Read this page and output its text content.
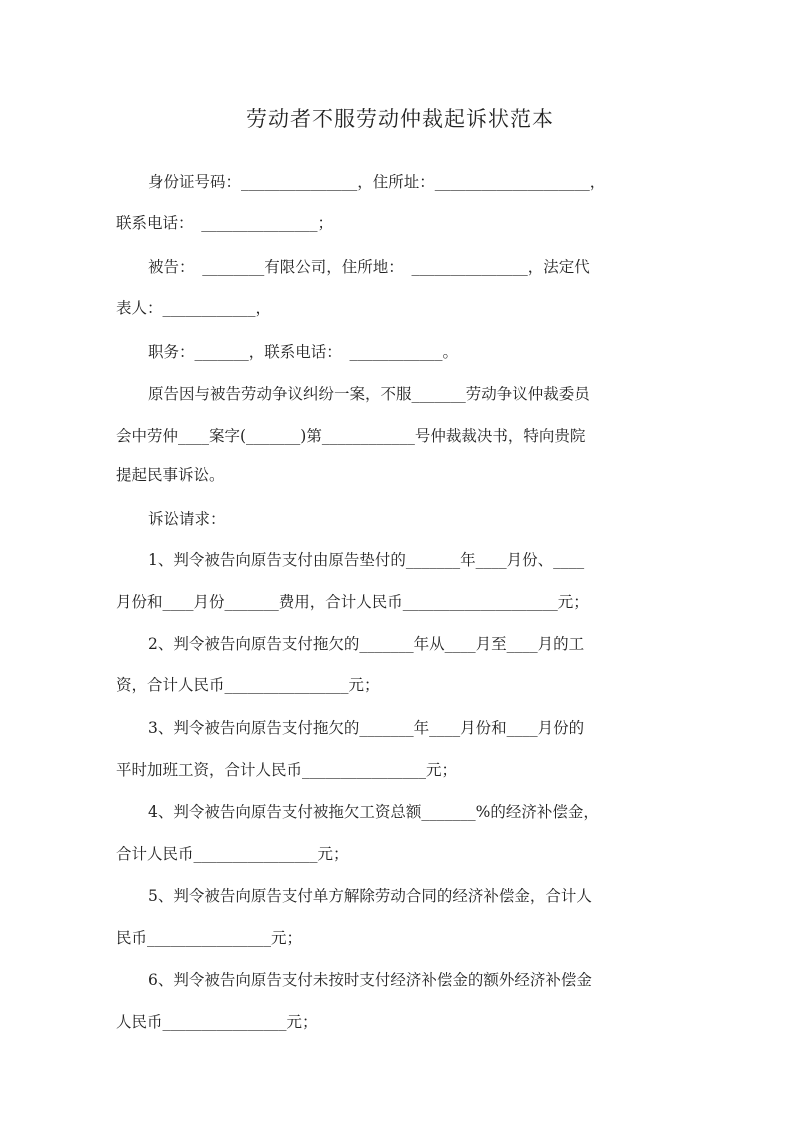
劳动者不服劳动仲裁起诉状范本
身份证号码：_______________，住所址：____________________，
联系电话：　_______________；
被告：　________有限公司，住所地：　_______________，法定代
表人：____________，
职务：_______，联系电话：　____________。
原告因与被告劳动争议纠纷一案，不服_______劳动争议仲裁委员
会中劳仲____案字(_______)第____________号仲裁裁决书，特向贵院
提起民事诉讼。
诉讼请求：
1、判令被告向原告支付由原告垫付的_______年____月份、____
月份和____月份_______费用，合计人民币____________________元；
2、判令被告向原告支付拖欠的_______年从____月至____月的工
资，合计人民币________________元；
3、判令被告向原告支付拖欠的_______年____月份和____月份的
平时加班工资，合计人民币________________元；
4、判令被告向原告支付被拖欠工资总额_______%的经济补偿金，
合计人民币________________元；
5、判令被告向原告支付单方解除劳动合同的经济补偿金，合计人
民币________________元；
6、判令被告向原告支付未按时支付经济补偿金的额外经济补偿金
人民币________________元；
